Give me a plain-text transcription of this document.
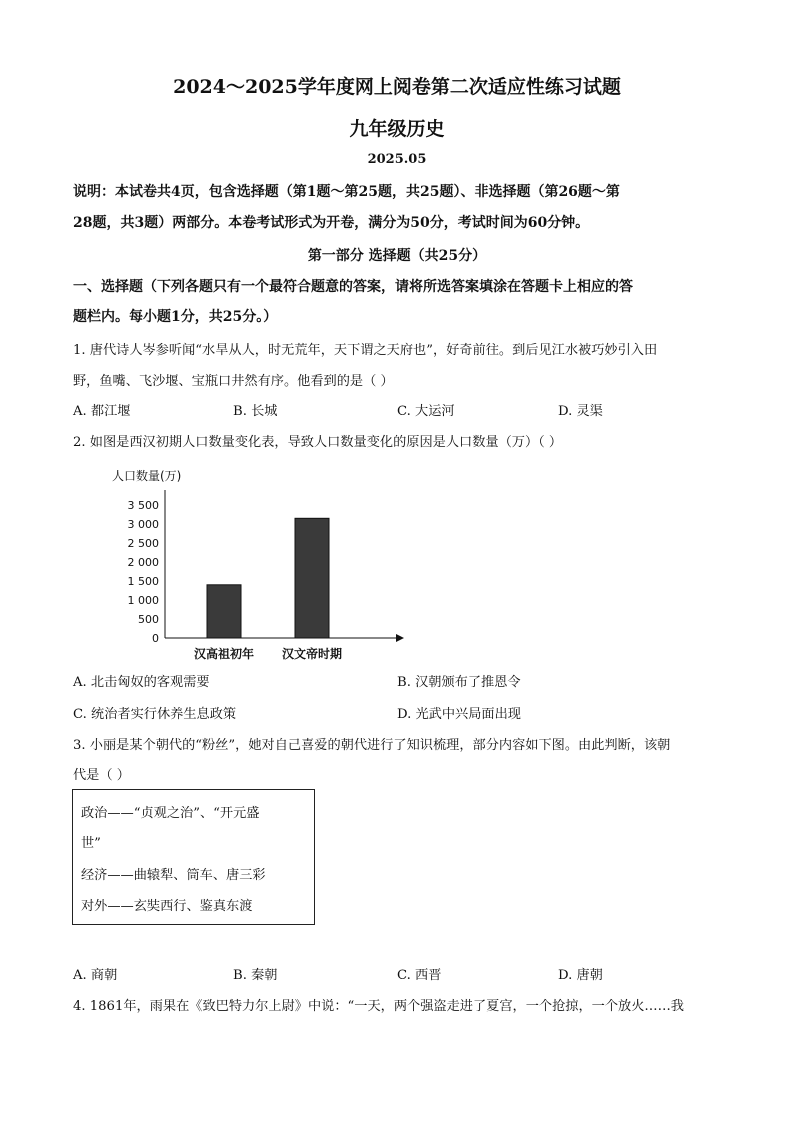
2024～2025学年度网上阅卷第二次适应性练习试题
九年级历史
2025.05
说明：本试卷共4页，包含选择题（第1题～第25题，共25题）、非选择题（第26题～第
28题，共3题）两部分。本卷考试形式为开卷，满分为50分，考试时间为60分钟。
第一部分 选择题（共25分）
一、选择题（下列各题只有一个最符合题意的答案，请将所选答案填涂在答题卡上相应的答
题栏内。每小题1分，共25分。）
1. 唐代诗人岑参听闻“水旱从人，时无荒年，天下谓之天府也”，好奇前往。到后见江水被巧妙引入田
野，鱼嘴、飞沙堰、宝瓶口井然有序。他看到的是（ ）
A. 都江堰	B. 长城	C. 大运河	D. 灵渠
2. 如图是西汉初期人口数量变化表，导致人口数量变化的原因是人口数量（万）（ ）
人口数量(万)
0
500
1 000
1 500
2 000
2 500
3 000
3 500
汉高祖初年 汉文帝时期
A. 北击匈奴的客观需要	B. 汉朝颁布了推恩令
C. 统治者实行休养生息政策	D. 光武中兴局面出现
3. 小丽是某个朝代的“粉丝”，她对自己喜爱的朝代进行了知识梳理，部分内容如下图。由此判断，该朝
代是（ ）
政治——“贞观之治”、“开元盛
世”
经济——曲辕犁、筒车、唐三彩
对外——玄奘西行、鉴真东渡
A. 商朝	B. 秦朝	C. 西晋	D. 唐朝
4. 1861年，雨果在《致巴特力尔上尉》中说：“一天，两个强盗走进了夏宫，一个抢掠，一个放火……我
